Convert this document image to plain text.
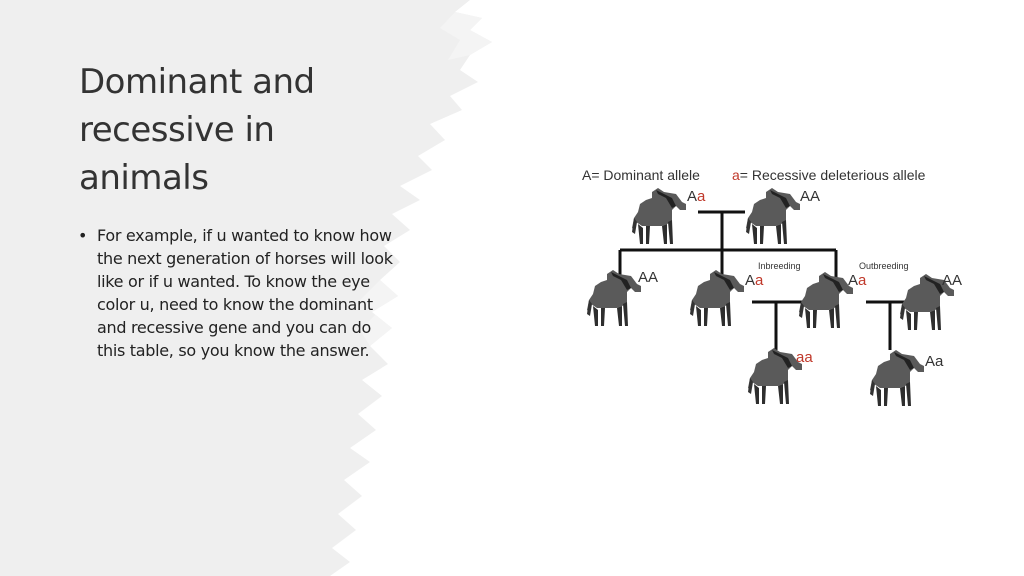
Dominant and
recessive in
animals
• For example, if u wanted to know how the next generation of horses will look like or if u wanted. To know the eye color u, need to know the dominant and recessive gene and you can do this table, so you know the answer.
A= Dominant allele a= Recessive deleterious allele
Inbreeding	Outbreeding
Aa	AA
AA	Aa	Aa	AA
aa	Aa
